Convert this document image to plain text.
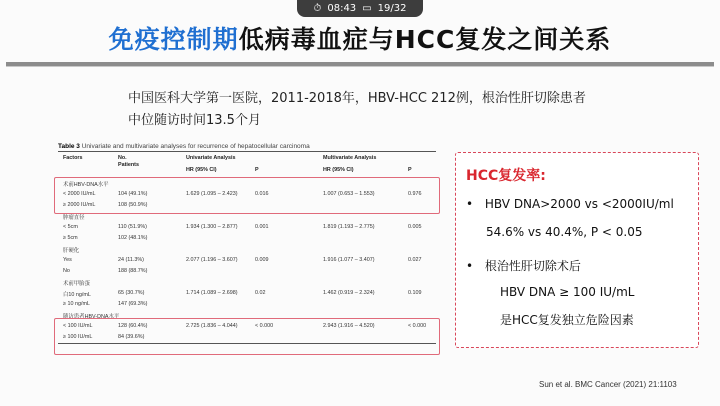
⏱ 08:43 ▭ 19/32
免疫控制期低病毒血症与HCC复发之间关系
中国医科大学第一医院，2011-2018年，HBV-HCC 212例，根治性肝切除患者
中位随访时间13.5个月
Table 3 Univariate and multivariate analyses for recurrence of hepatocellular carcinoma
Factors	No.
Patients
Univariate Analysis	Multivariate Analysis
HR (95% CI)	P	HR (95% CI)	P
术前HBV-DNA水平
< 2000 IU/mL	104 (49.1%)	1.629 (1.095 – 2.423)	0.016	1.007 (0.653 – 1.553)	0.976
≥ 2000 IU/mL	108 (50.9%)
肿瘤直径
< 5cm	110 (51.9%)	1.934 (1.300 – 2.877)	0.001	1.819 (1.193 – 2.775)	0.005
≥ 5cm	102 (48.1%)
肝硬化
Yes	24 (11.3%)	2.077 (1.196 – 3.607)	0.009	1.916 (1.077 – 3.407)	0.027
No	188 (88.7%)
术前甲胎蛋
白10 ng/mL	65 (30.7%)	1.714 (1.089 – 2.698)	0.02	1.462 (0.919 – 2.324)	0.109
≥ 10 ng/mL	147 (69.3%)
随访患者HBV-DNA水平
< 100 IU/mL	128 (60.4%)	2.725 (1.836 – 4.044)	< 0.000	2.943 (1.916 – 4.520)	< 0.000
≥ 100 IU/mL	84 (39.6%)
HCC复发率:
• HBV DNA>2000 vs <2000IU/ml
54.6% vs 40.4%, P < 0.05
• 根治性肝切除术后
HBV DNA ≥ 100 IU/mL
是HCC复发独立危险因素
Sun et al. BMC Cancer (2021) 21:1103
